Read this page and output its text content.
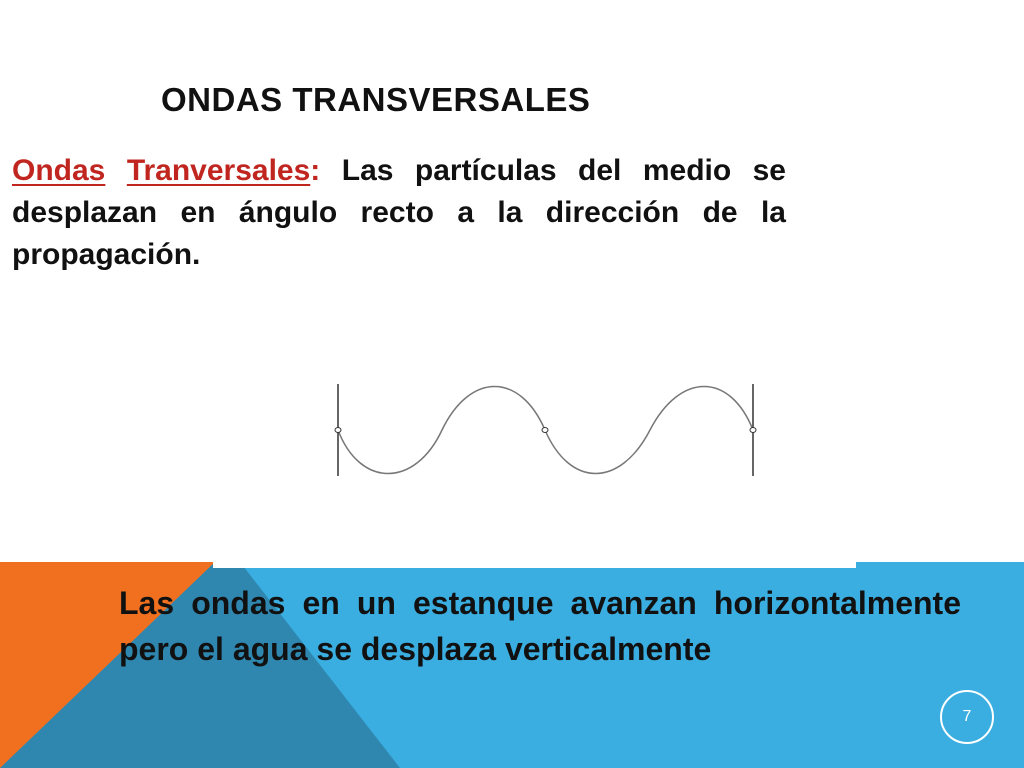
ONDAS TRANSVERSALES
Ondas Tranversales: Las partículas del medio se desplazan en ángulo recto a la dirección de la propagación.
Las ondas en un estanque avanzan horizontalmente pero el agua se desplaza verticalmente
7
